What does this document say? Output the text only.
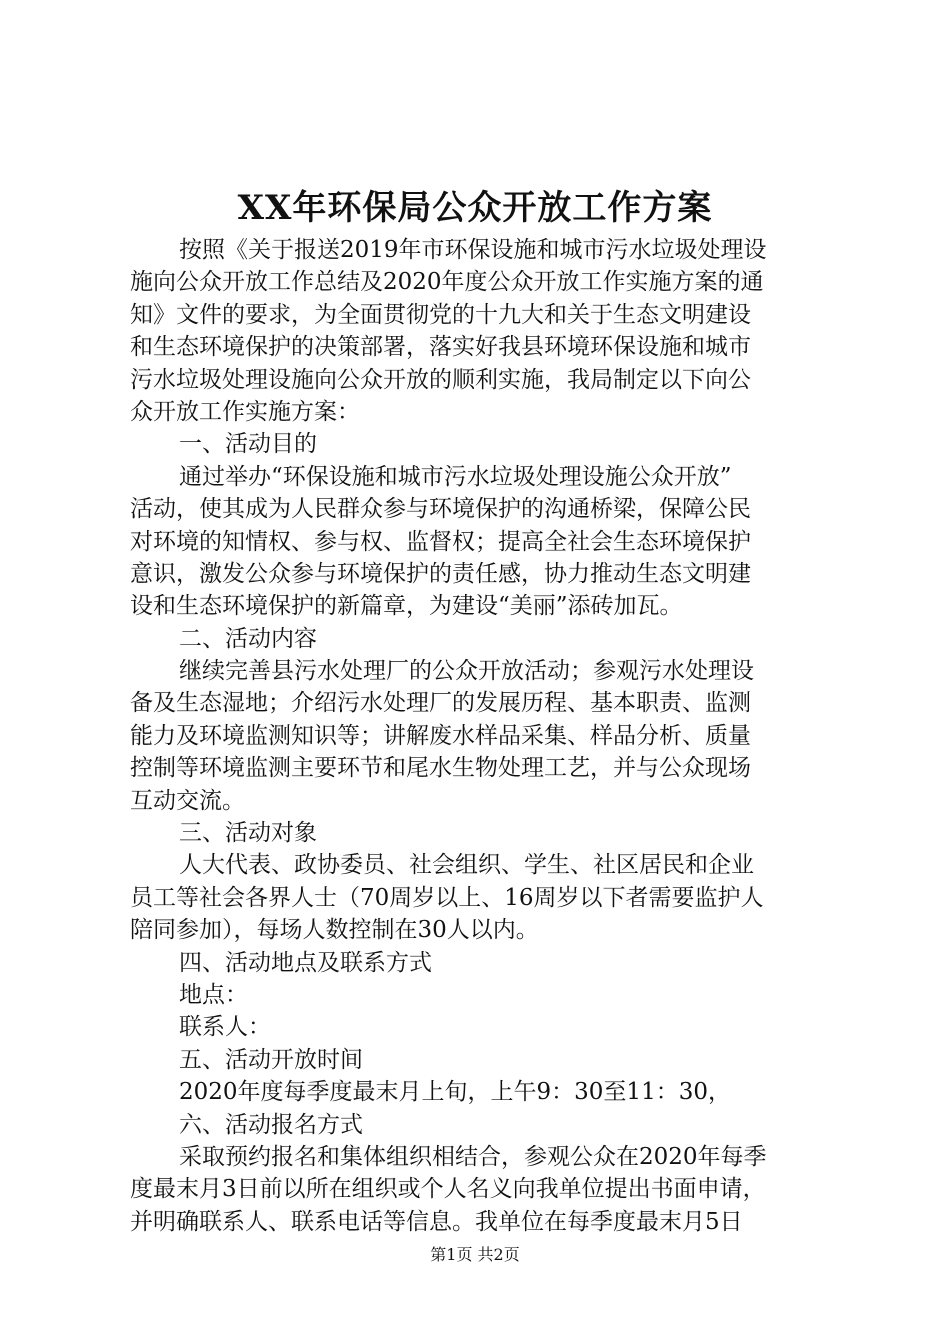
XX年环保局公众开放工作方案
按照《关于报送2019年市环保设施和城市污水垃圾处理设
施向公众开放工作总结及2020年度公众开放工作实施方案的通
知》文件的要求，为全面贯彻党的十九大和关于生态文明建设
和生态环境保护的决策部署，落实好我县环境环保设施和城市
污水垃圾处理设施向公众开放的顺利实施，我局制定以下向公
众开放工作实施方案：
一、活动目的
通过举办“环保设施和城市污水垃圾处理设施公众开放”
活动，使其成为人民群众参与环境保护的沟通桥梁，保障公民
对环境的知情权、参与权、监督权；提高全社会生态环境保护
意识，激发公众参与环境保护的责任感，协力推动生态文明建
设和生态环境保护的新篇章，为建设“美丽”添砖加瓦。
二、活动内容
继续完善县污水处理厂的公众开放活动；参观污水处理设
备及生态湿地；介绍污水处理厂的发展历程、基本职责、监测
能力及环境监测知识等；讲解废水样品采集、样品分析、质量
控制等环境监测主要环节和尾水生物处理工艺，并与公众现场
互动交流。
三、活动对象
人大代表、政协委员、社会组织、学生、社区居民和企业
员工等社会各界人士（70周岁以上、16周岁以下者需要监护人
陪同参加），每场人数控制在30人以内。
四、活动地点及联系方式
地点：
联系人：
五、活动开放时间
2020年度每季度最末月上旬，上午9：30至11：30，
六、活动报名方式
采取预约报名和集体组织相结合，参观公众在2020年每季
度最末月3日前以所在组织或个人名义向我单位提出书面申请，
并明确联系人、联系电话等信息。我单位在每季度最末月5日
第1页 共2页
